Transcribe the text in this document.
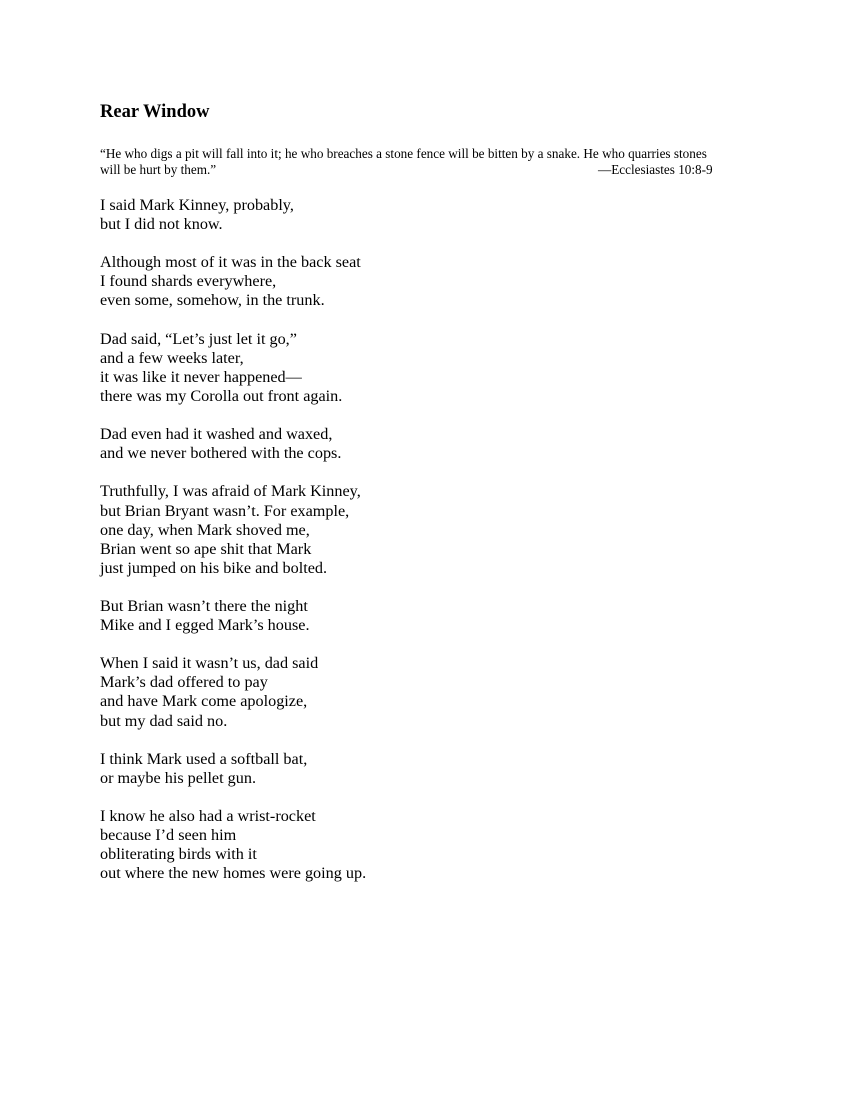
Rear Window
“He who digs a pit will fall into it; he who breaches a stone fence will be bitten by a snake. He who quarries stones
will be hurt by them.”	—Ecclesiastes 10:8-9
I said Mark Kinney, probably,
but I did not know.
Although most of it was in the back seat
I found shards everywhere,
even some, somehow, in the trunk.
Dad said, “Let’s just let it go,”
and a few weeks later,
it was like it never happened—
there was my Corolla out front again.
Dad even had it washed and waxed,
and we never bothered with the cops.
Truthfully, I was afraid of Mark Kinney,
but Brian Bryant wasn’t. For example,
one day, when Mark shoved me,
Brian went so ape shit that Mark
just jumped on his bike and bolted.
But Brian wasn’t there the night
Mike and I egged Mark’s house.
When I said it wasn’t us, dad said
Mark’s dad offered to pay
and have Mark come apologize,
but my dad said no.
I think Mark used a softball bat,
or maybe his pellet gun.
I know he also had a wrist-rocket
because I’d seen him
obliterating birds with it
out where the new homes were going up.
